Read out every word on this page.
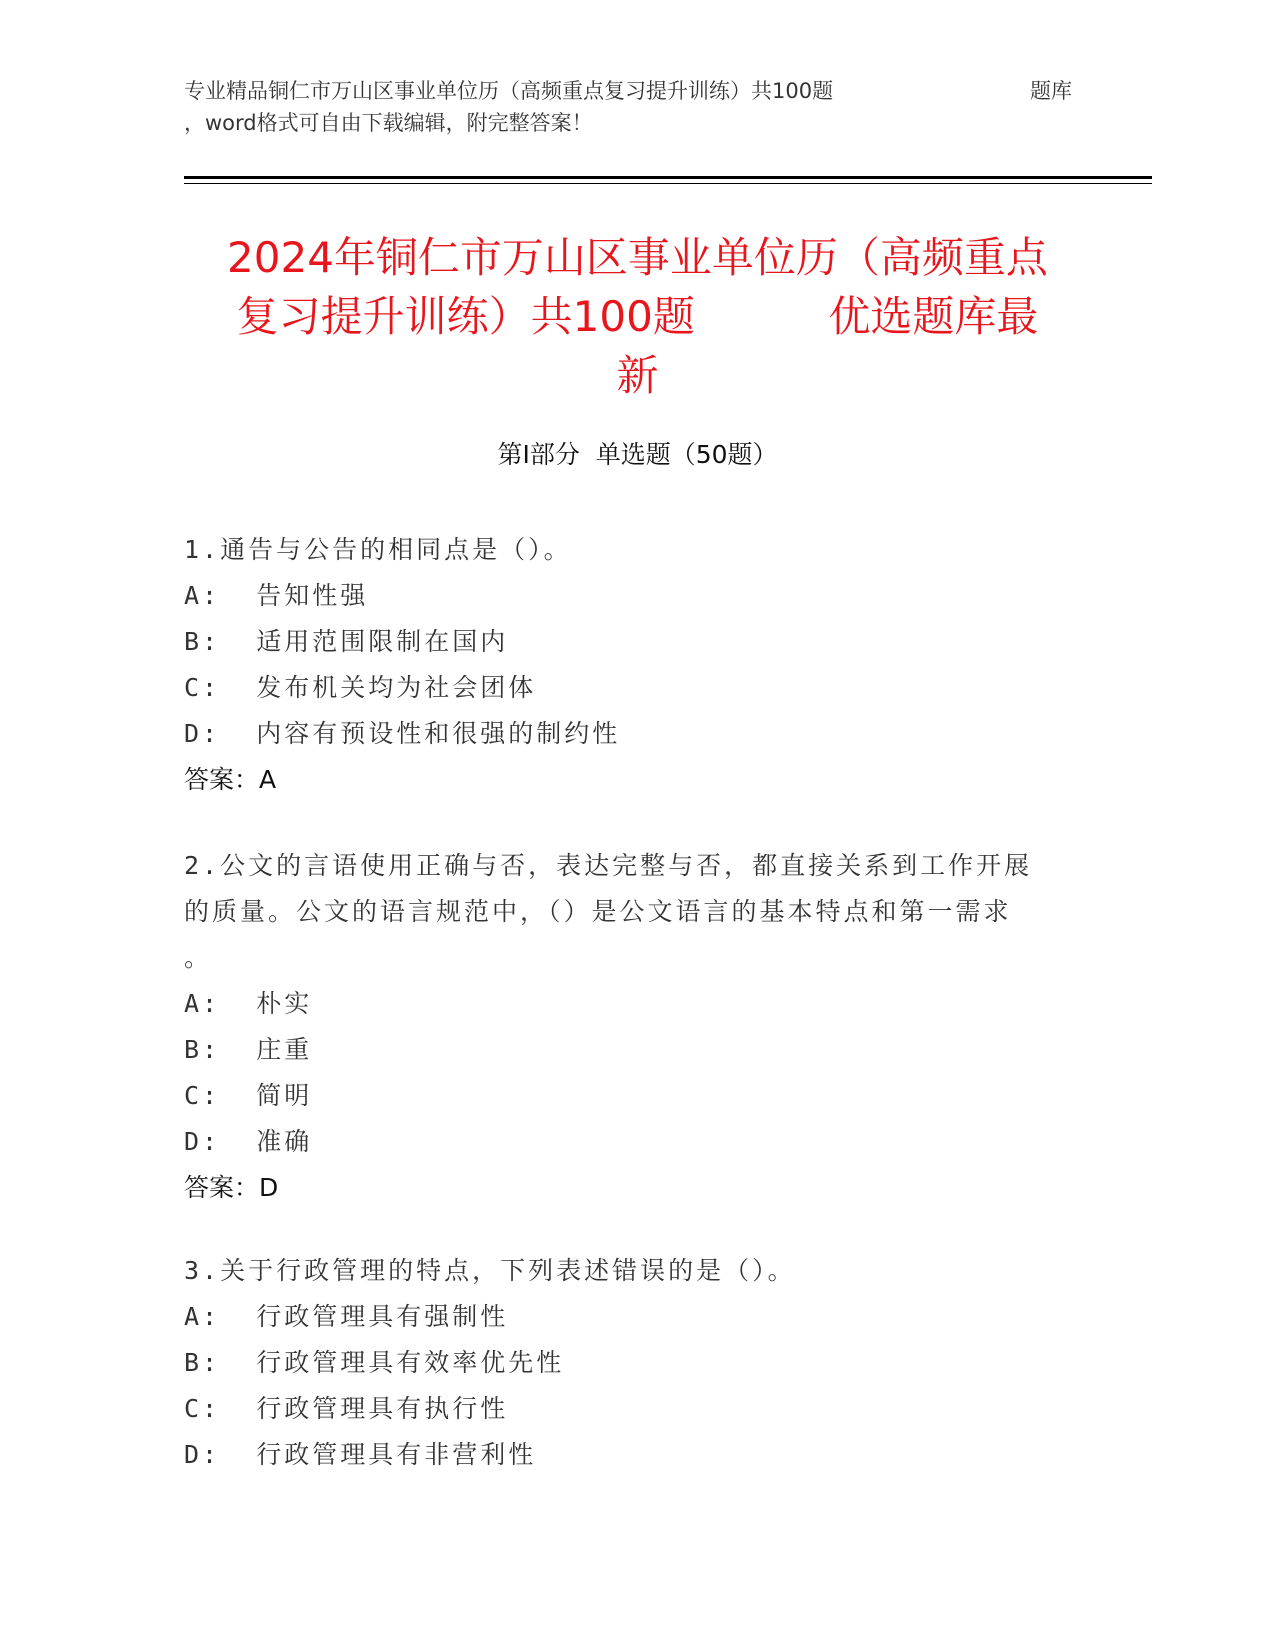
专业精品铜仁市万山区事业单位历（高频重点复习提升训练）共100题	题库
，word格式可自由下载编辑，附完整答案！
2024年铜仁市万山区事业单位历（高频重点
复习提升训练）共100题          优选题库最
新
第Ⅰ部分  单选题（50题）
1.通告与公告的相同点是（）。
A:  告知性强
B:  适用范围限制在国内
C:  发布机关均为社会团体
D:  内容有预设性和很强的制约性
答案：A
2.公文的言语使用正确与否，表达完整与否，都直接关系到工作开展
的质量。公文的语言规范中，（）是公文语言的基本特点和第一需求
。
A:  朴实
B:  庄重
C:  简明
D:  准确
答案：D
3.关于行政管理的特点，下列表述错误的是（）。
A:  行政管理具有强制性
B:  行政管理具有效率优先性
C:  行政管理具有执行性
D:  行政管理具有非营利性
